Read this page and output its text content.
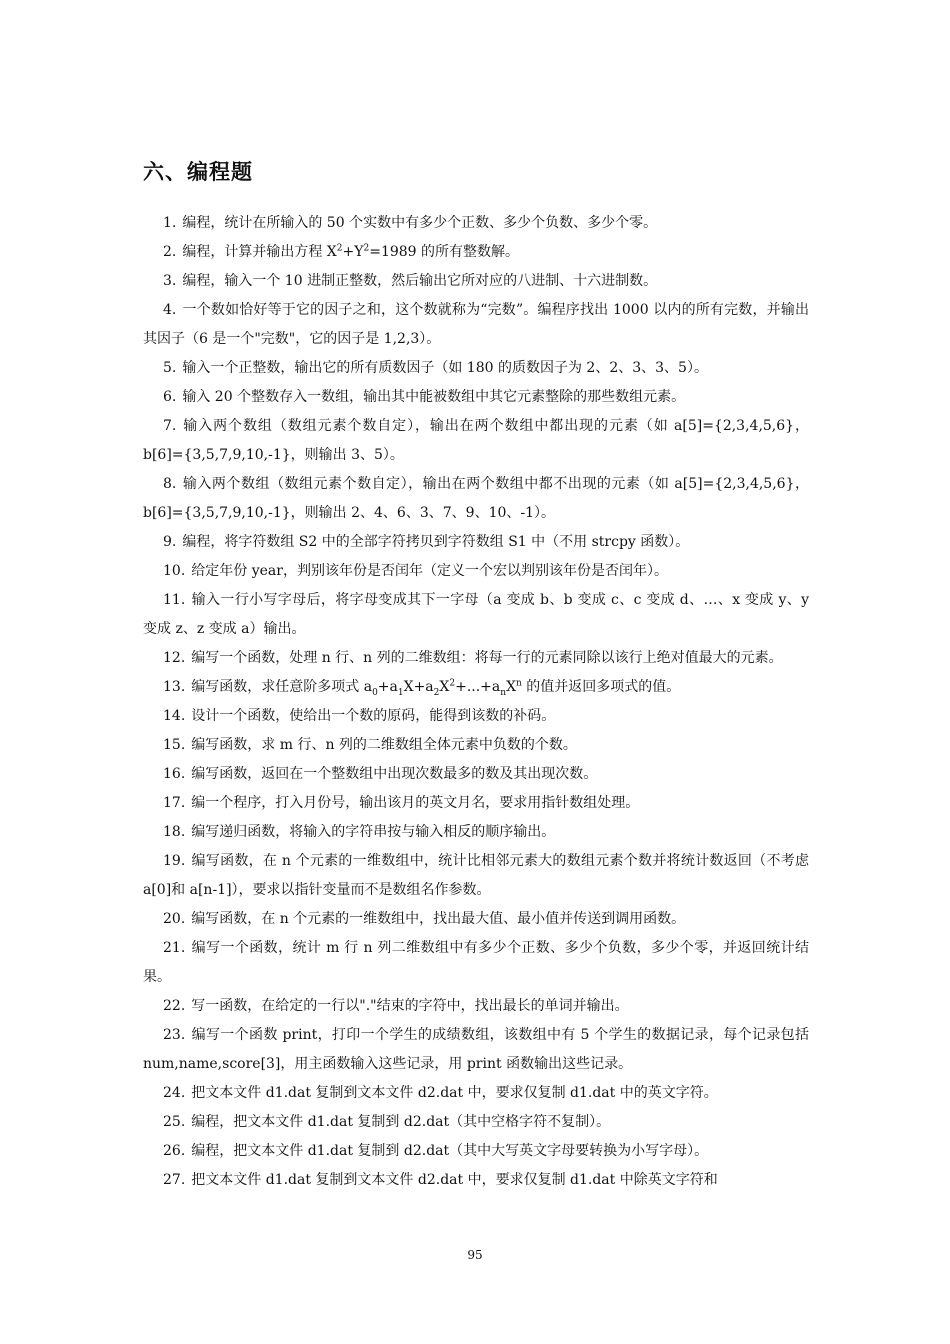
六、编程题
1. 编程，统计在所输入的 50 个实数中有多少个正数、多少个负数、多少个零。
2. 编程，计算并输出方程 $X^2+Y^2=1989$ 的所有整数解。
3. 编程，输入一个 10 进制正整数，然后输出它所对应的八进制、十六进制数。
4. 一个数如恰好等于它的因子之和，这个数就称为“完数”。编程序找出 1000 以内的所有完数，并输出其因子（6 是一个"完数"，它的因子是 1,2,3）。
5. 输入一个正整数，输出它的所有质数因子（如 180 的质数因子为 2、2、3、3、5）。
6. 输入 20 个整数存入一数组，输出其中能被数组中其它元素整除的那些数组元素。
7. 输入两个数组（数组元素个数自定），输出在两个数组中都出现的元素（如 a[5]={2,3,4,5,6}，b[6]={3,5,7,9,10,-1}，则输出 3、5）。
8. 输入两个数组（数组元素个数自定），输出在两个数组中都不出现的元素（如 a[5]={2,3,4,5,6}，b[6]={3,5,7,9,10,-1}，则输出 2、4、6、3、7、9、10、-1）。
9. 编程，将字符数组 S2 中的全部字符拷贝到字符数组 S1 中（不用 strcpy 函数）。
10. 给定年份 year，判别该年份是否闰年（定义一个宏以判别该年份是否闰年）。
11. 输入一行小写字母后，将字母变成其下一字母（a 变成 b、b 变成 c、c 变成 d、…、x 变成 y、y 变成 z、z 变成 a）输出。
12. 编写一个函数，处理 n 行、n 列的二维数组：将每一行的元素同除以该行上绝对值最大的元素。
13. 编写函数，求任意阶多项式 $a_0+a_1X+a_2X^2+...+a_nX^n$ 的值并返回多项式的值。
14. 设计一个函数，使给出一个数的原码，能得到该数的补码。
15. 编写函数，求 m 行、n 列的二维数组全体元素中负数的个数。
16. 编写函数，返回在一个整数组中出现次数最多的数及其出现次数。
17. 编一个程序，打入月份号，输出该月的英文月名，要求用指针数组处理。
18. 编写递归函数，将输入的字符串按与输入相反的顺序输出。
19. 编写函数，在 n 个元素的一维数组中，统计比相邻元素大的数组元素个数并将统计数返回（不考虑 a[0]和 a[n-1]），要求以指针变量而不是数组名作参数。
20. 编写函数，在 n 个元素的一维数组中，找出最大值、最小值并传送到调用函数。
21. 编写一个函数，统计 m 行 n 列二维数组中有多少个正数、多少个负数，多少个零，并返回统计结果。
22. 写一函数，在给定的一行以"."结束的字符中，找出最长的单词并输出。
23. 编写一个函数 print，打印一个学生的成绩数组，该数组中有 5 个学生的数据记录，每个记录包括 num,name,score[3]，用主函数输入这些记录，用 print 函数输出这些记录。
24. 把文本文件 d1.dat 复制到文本文件 d2.dat 中，要求仅复制 d1.dat 中的英文字符。
25. 编程，把文本文件 d1.dat 复制到 d2.dat（其中空格字符不复制）。
26. 编程，把文本文件 d1.dat 复制到 d2.dat（其中大写英文字母要转换为小写字母）。
27. 把文本文件 d1.dat 复制到文本文件 d2.dat 中，要求仅复制 d1.dat 中除英文字符和
95
